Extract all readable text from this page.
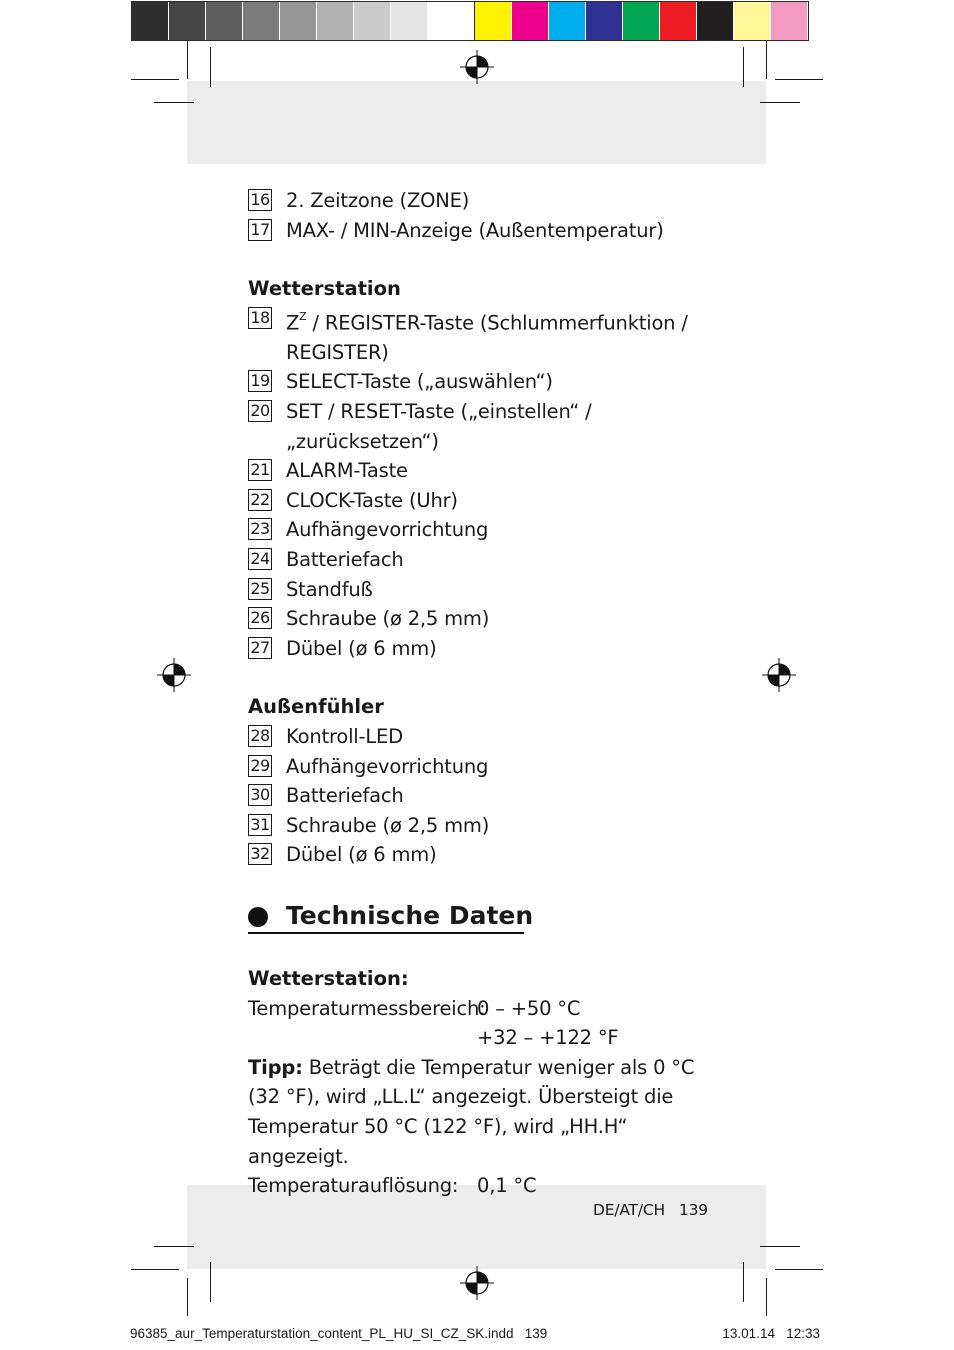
16 2. Zeitzone (ZONE)
17 MAX- / MIN-Anzeige (Außentemperatur)
Wetterstation
18 $Z^Z$ / REGISTER-Taste (Schlummerfunktion /
REGISTER)
19 SELECT-Taste („auswählen“)
20 SET / RESET-Taste („einstellen“ / „zurücksetzen“)
21 ALARM-Taste
22 CLOCK-Taste (Uhr)
23 Aufhängevorrichtung
24 Batteriefach
25 Standfuß
26 Schraube (ø 2,5 mm)
27 Dübel (ø 6 mm)
Außenfühler
28 Kontroll-LED
29 Aufhängevorrichtung
30 Batteriefach
31 Schraube (ø 2,5 mm)
32 Dübel (ø 6 mm)
Technische Daten
Wetterstation:
Temperaturmessbereich:
0 – +50 °C
+32 – +122 °F
Tipp: Beträgt die Temperatur weniger als 0 °C
(32 °F), wird „LL.L“ angezeigt. Übersteigt die
Temperatur 50 °C (122 °F), wird „HH.H“
angezeigt.
Temperaturauflösung: 0,1 °C
DE/AT/CH 139
96385_aur_Temperaturstation_content_PL_HU_SI_CZ_SK.indd   139	13.01.14   12:33
